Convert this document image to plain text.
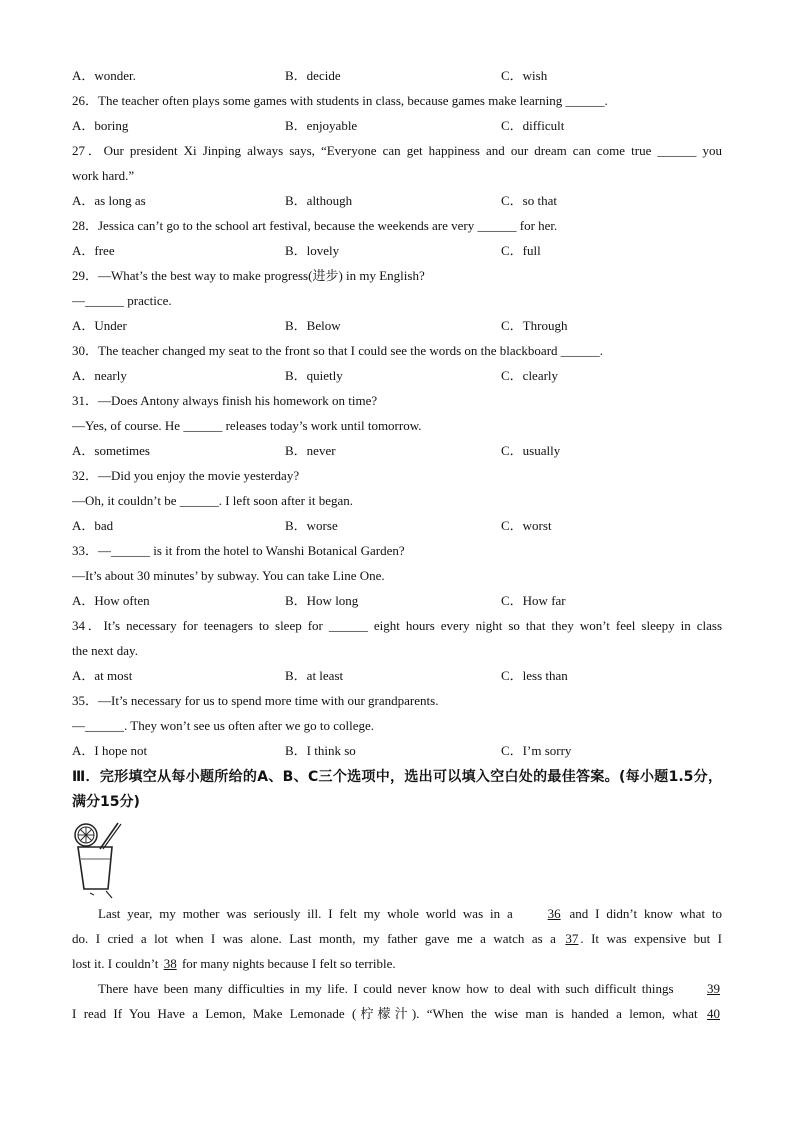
A．wonder.	B．decide	C．wish
26．The teacher often plays some games with students in class, because games make learning ______.
A．boring	B．enjoyable	C．difficult
27．Our president Xi Jinping always says, “Everyone can get happiness and our dream can come true ______ you
work hard.”
A．as long as	B．although	C．so that
28．Jessica can’t go to the school art festival, because the weekends are very ______ for her.
A．free	B．lovely	C．full
29．—What’s the best way to make progress(进步) in my English?
—______ practice.
A．Under	B．Below	C．Through
30．The teacher changed my seat to the front so that I could see the words on the blackboard ______.
A．nearly	B．quietly	C．clearly
31．—Does Antony always finish his homework on time?
—Yes, of course. He ______ releases today’s work until tomorrow.
A．sometimes	B．never	C．usually
32．—Did you enjoy the movie yesterday?
—Oh, it couldn’t be ______. I left soon after it began.
A．bad	B．worse	C．worst
33．—______ is it from the hotel to Wanshi Botanical Garden?
—It’s about 30 minutes’ by subway. You can take Line One.
A．How often	B．How long	C．How far
34．It’s necessary for teenagers to sleep for ______ eight hours every night so that they won’t feel sleepy in class
the next day.
A．at most	B．at least	C．less than
35．—It’s necessary for us to spend more time with our grandparents.
—______. They won’t see us often after we go to college.
A．I hope not	B．I think so	C．I’m sorry
Ⅲ．完形填空从每小题所给的A、B、C三个选项中，选出可以填入空白处的最佳答案。(每小题1.5分，满分15分)
Last year, my mother was seriously ill. I felt my whole world was in a 36 and I didn’t know what to
do. I cried a lot when I was alone. Last month, my father gave me a watch as a 37. It was expensive but I
lost it. I couldn’t 38 for many nights because I felt so terrible.
There have been many difficulties in my life. I could never know how to deal with such difficult things 39
I read If You Have a Lemon, Make Lemonade (柠檬汁). “When the wise man is handed a lemon, what 40
